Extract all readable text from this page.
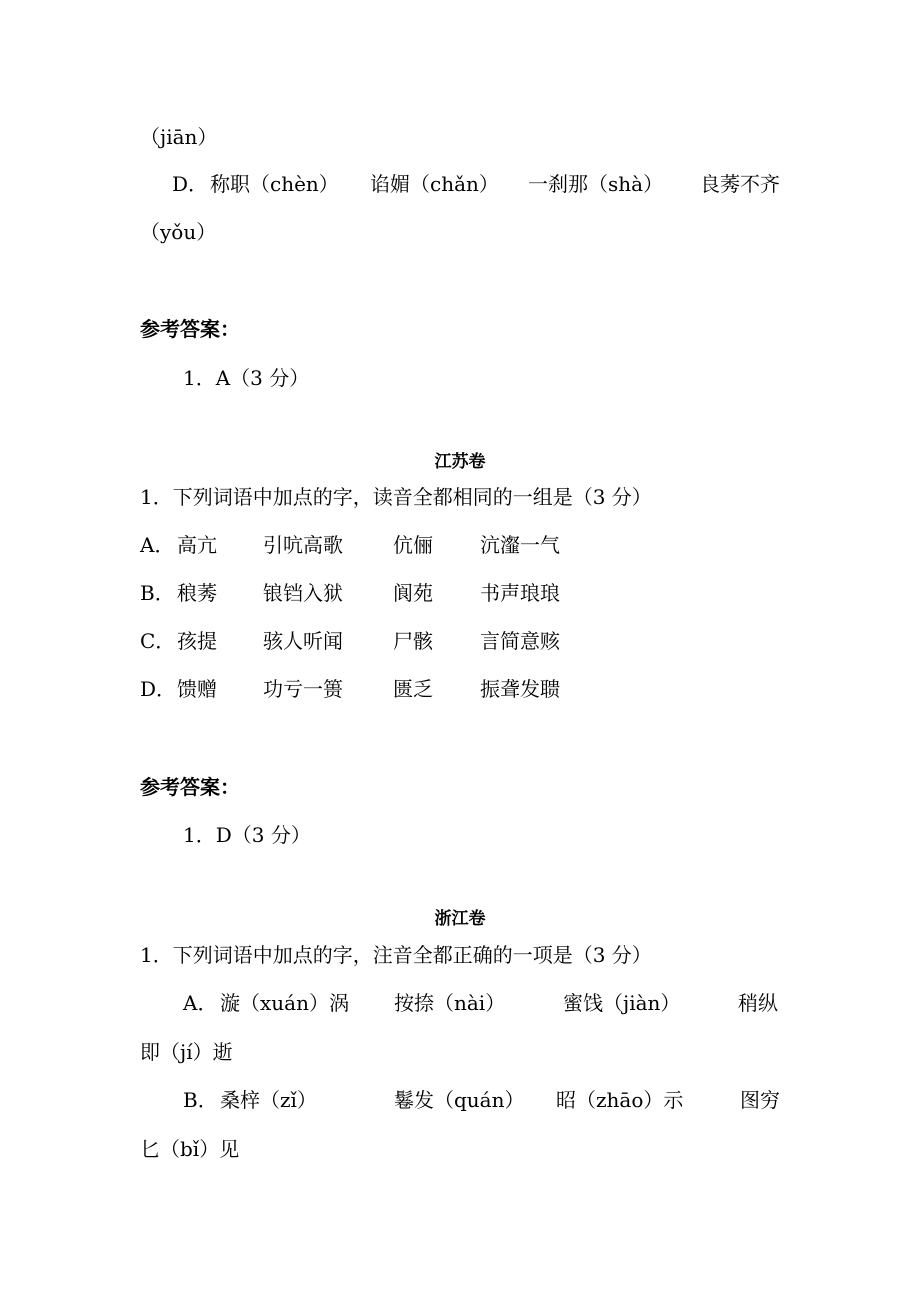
（jiān）
D． 称职（chèn） 谄媚（chǎn） 一刹那（shà） 良莠不齐
（yǒu）
参考答案：
1．A（3 分）
江苏卷
1．下列词语中加点的字，读音全都相同的一组是（3 分）
A． 高亢 引吭高歌	伉俪 沆瀣一气
B． 稂莠 锒铛入狱	阆苑 书声琅琅
C． 孩提 骇人听闻	尸骸 言简意赅
D． 馈赠 功亏一篑	匮乏 振聋发聩
参考答案：
1．D（3 分）
浙江卷
1．下列词语中加点的字，注音全都正确的一项是（3 分）
A． 漩（xuán）涡 按捺（nài）	蜜饯（jiàn）	稍纵
即（jí）逝
B． 桑梓（zǐ）	鬈发（quán） 昭（zhāo）示	图穷
匕（bǐ）见
